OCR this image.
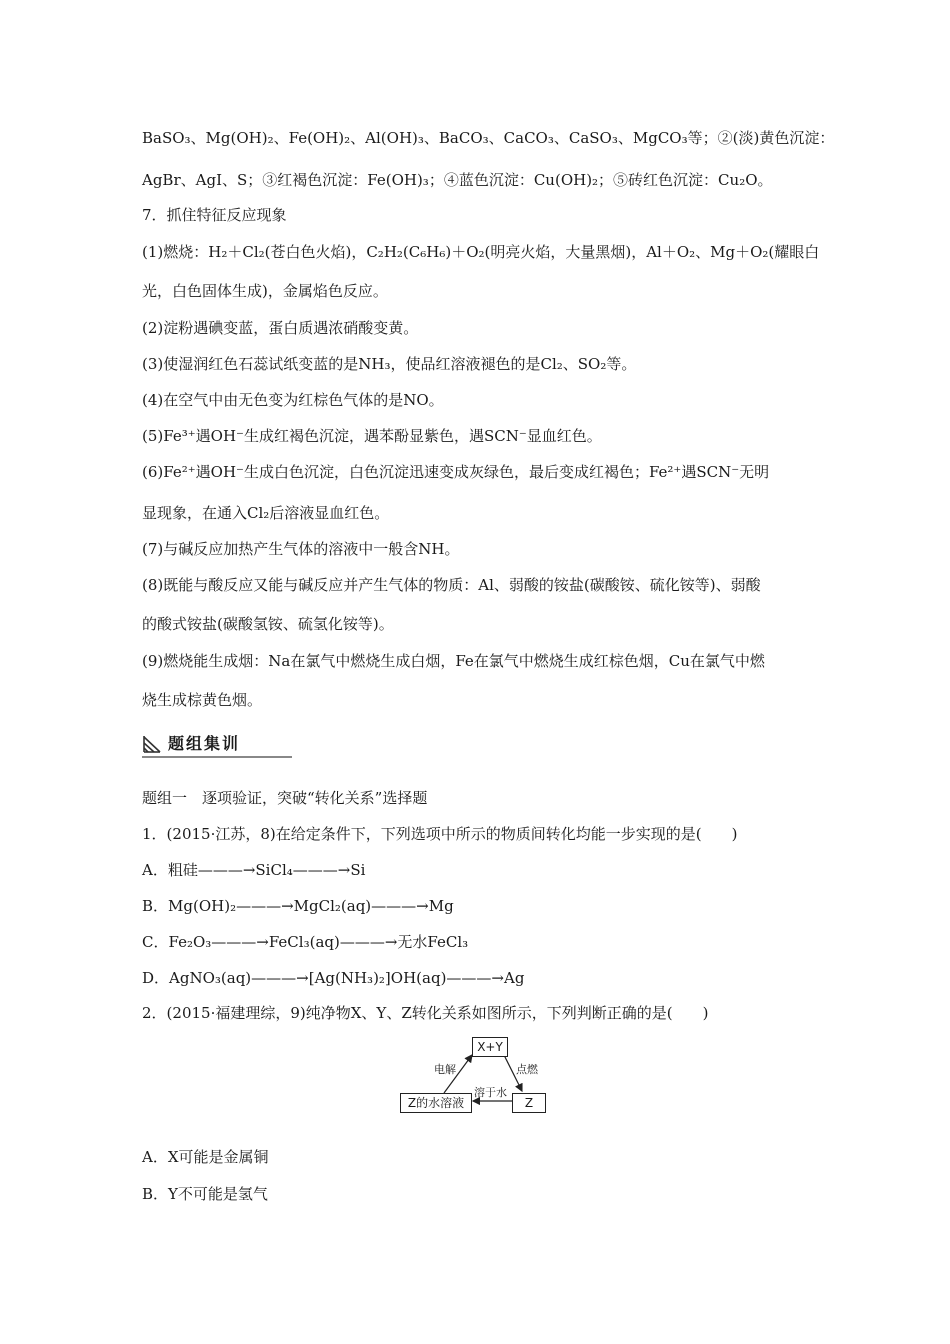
BaSO₃、Mg(OH)₂、Fe(OH)₂、Al(OH)₃、BaCO₃、CaCO₃、CaSO₃、MgCO₃等；②(淡)黄色沉淀：
AgBr、AgI、S；③红褐色沉淀：Fe(OH)₃；④蓝色沉淀：Cu(OH)₂；⑤砖红色沉淀：Cu₂O。
7．抓住特征反应现象
(1)燃烧：H₂＋Cl₂(苍白色火焰)，C₂H₂(C₆H₆)＋O₂(明亮火焰，大量黑烟)，Al＋O₂、Mg＋O₂(耀眼白
光，白色固体生成)，金属焰色反应。
(2)淀粉遇碘变蓝，蛋白质遇浓硝酸变黄。
(3)使湿润红色石蕊试纸变蓝的是NH₃，使品红溶液褪色的是Cl₂、SO₂等。
(4)在空气中由无色变为红棕色气体的是NO。
(5)Fe³⁺遇OH⁻生成红褐色沉淀，遇苯酚显紫色，遇SCN⁻显血红色。
(6)Fe²⁺遇OH⁻生成白色沉淀，白色沉淀迅速变成灰绿色，最后变成红褐色；Fe²⁺遇SCN⁻无明
显现象，在通入Cl₂后溶液显血红色。
(7)与碱反应加热产生气体的溶液中一般含NH。
(8)既能与酸反应又能与碱反应并产生气体的物质：Al、弱酸的铵盐(碳酸铵、硫化铵等)、弱酸
的酸式铵盐(碳酸氢铵、硫氢化铵等)。
(9)燃烧能生成烟：Na在氯气中燃烧生成白烟，Fe在氯气中燃烧生成红棕色烟，Cu在氯气中燃
烧生成棕黄色烟。
题组集训
题组一　逐项验证，突破“转化关系”选择题
1．(2015·江苏，8)在给定条件下，下列选项中所示的物质间转化均能一步实现的是(　　)
A．粗硅———→SiCl₄———→Si
B．Mg(OH)₂———→MgCl₂(aq)———→Mg
C．Fe₂O₃———→FeCl₃(aq)———→无水FeCl₃
D．AgNO₃(aq)———→[Ag(NH₃)₂]OH(aq)———→Ag
2．(2015·福建理综，9)纯净物X、Y、Z转化关系如图所示，下列判断正确的是(　　)
X+Y
Z的水溶液	Z
电解	点燃
溶于水
A．X可能是金属铜
B．Y不可能是氢气
